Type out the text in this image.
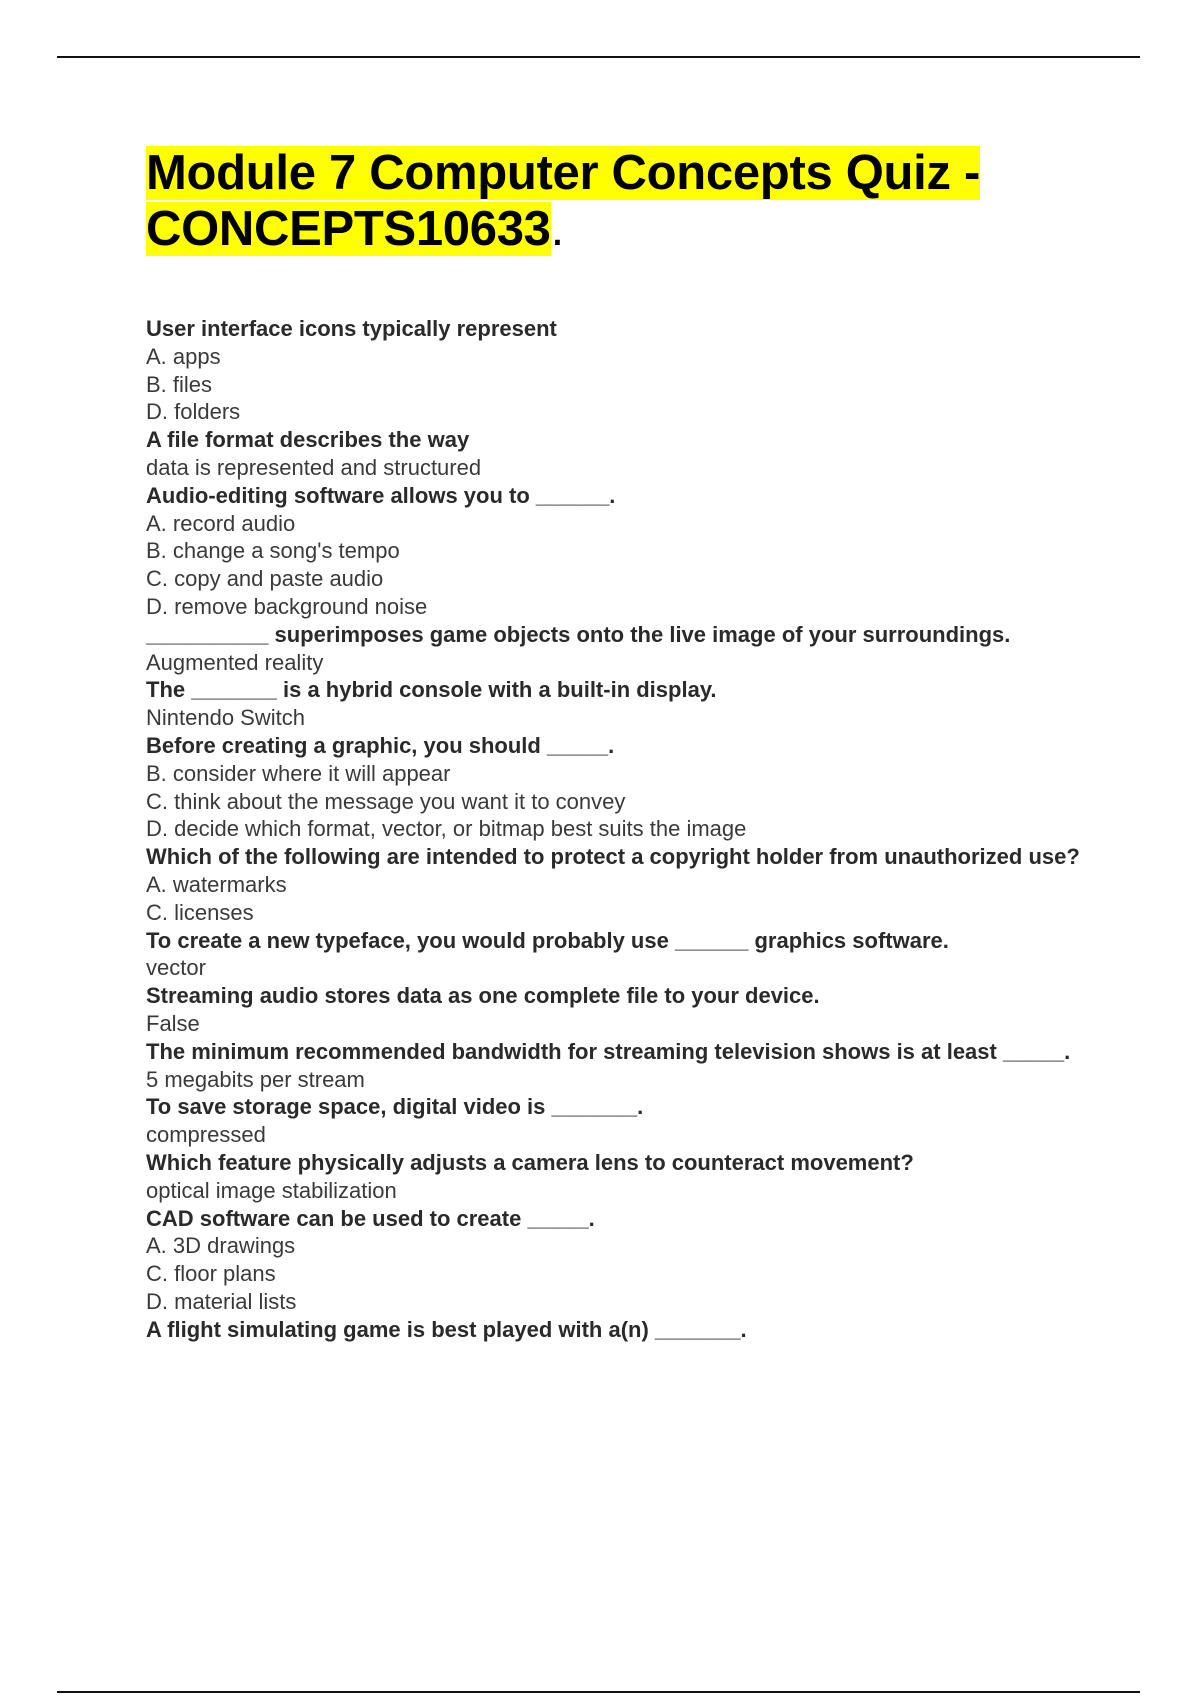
Module 7 Computer Concepts Quiz -
CONCEPTS10633.
User interface icons typically represent
A. apps
B. files
D. folders
A file format describes the way
data is represented and structured
Audio-editing software allows you to ______.
A. record audio
B. change a song's tempo
C. copy and paste audio
D. remove background noise
__________ superimposes game objects onto the live image of your surroundings.
Augmented reality
The _______ is a hybrid console with a built-in display.
Nintendo Switch
Before creating a graphic, you should _____.
B. consider where it will appear
C. think about the message you want it to convey
D. decide which format, vector, or bitmap best suits the image
Which of the following are intended to protect a copyright holder from unauthorized use?
A. watermarks
C. licenses
To create a new typeface, you would probably use ______ graphics software.
vector
Streaming audio stores data as one complete file to your device.
False
The minimum recommended bandwidth for streaming television shows is at least _____.
5 megabits per stream
To save storage space, digital video is _______.
compressed
Which feature physically adjusts a camera lens to counteract movement?
optical image stabilization
CAD software can be used to create _____.
A. 3D drawings
C. floor plans
D. material lists
A flight simulating game is best played with a(n) _______.
